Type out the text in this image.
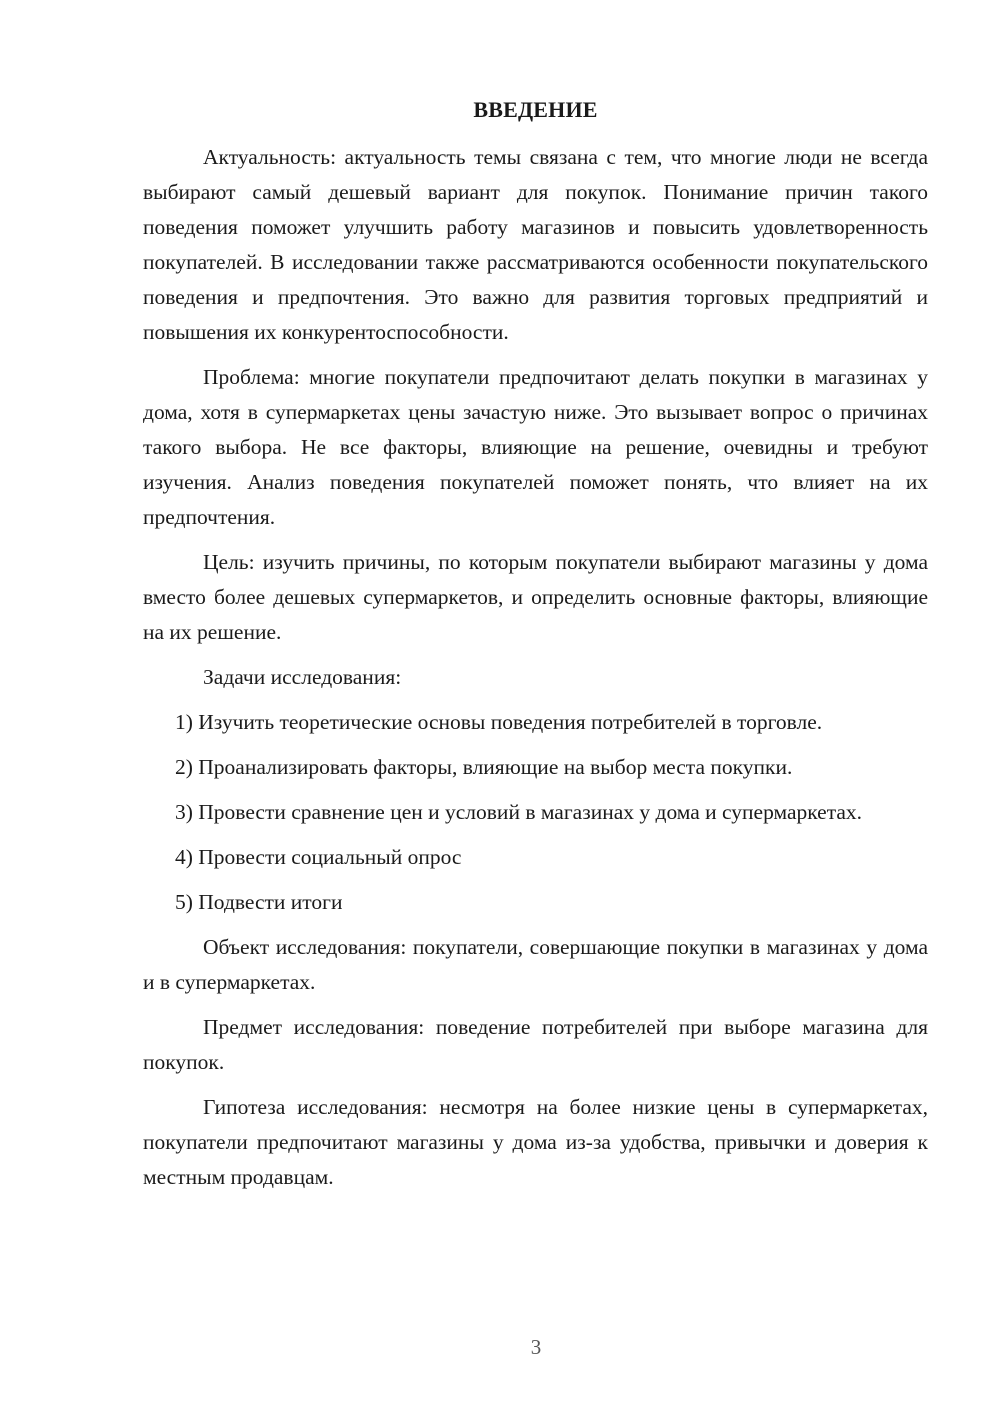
ВВЕДЕНИЕ

Актуальность: актуальность темы связана с тем, что многие люди не всегда выбирают самый дешевый вариант для покупок. Понимание причин такого поведения поможет улучшить работу магазинов и повысить удовлетворенность покупателей. В исследовании также рассматриваются особенности покупательского поведения и предпочтения. Это важно для развития торговых предприятий и повышения их конкурентоспособности.

Проблема: многие покупатели предпочитают делать покупки в магазинах у дома, хотя в супермаркетах цены зачастую ниже. Это вызывает вопрос о причинах такого выбора. Не все факторы, влияющие на решение, очевидны и требуют изучения. Анализ поведения покупателей поможет понять, что влияет на их предпочтения.

Цель: изучить причины, по которым покупатели выбирают магазины у дома вместо более дешевых супермаркетов, и определить основные факторы, влияющие на их решение.

Задачи исследования:

1) Изучить теоретические основы поведения потребителей в торговле.

2) Проанализировать факторы, влияющие на выбор места покупки.

3) Провести сравнение цен и условий в магазинах у дома и супермаркетах.

4) Провести социальный опрос

5) Подвести итоги

Объект исследования: покупатели, совершающие покупки в магазинах у дома и в супермаркетах.

Предмет исследования: поведение потребителей при выборе магазина для покупок.

Гипотеза исследования: несмотря на более низкие цены в супермаркетах, покупатели предпочитают магазины у дома из-за удобства, привычки и доверия к местным продавцам.

3
